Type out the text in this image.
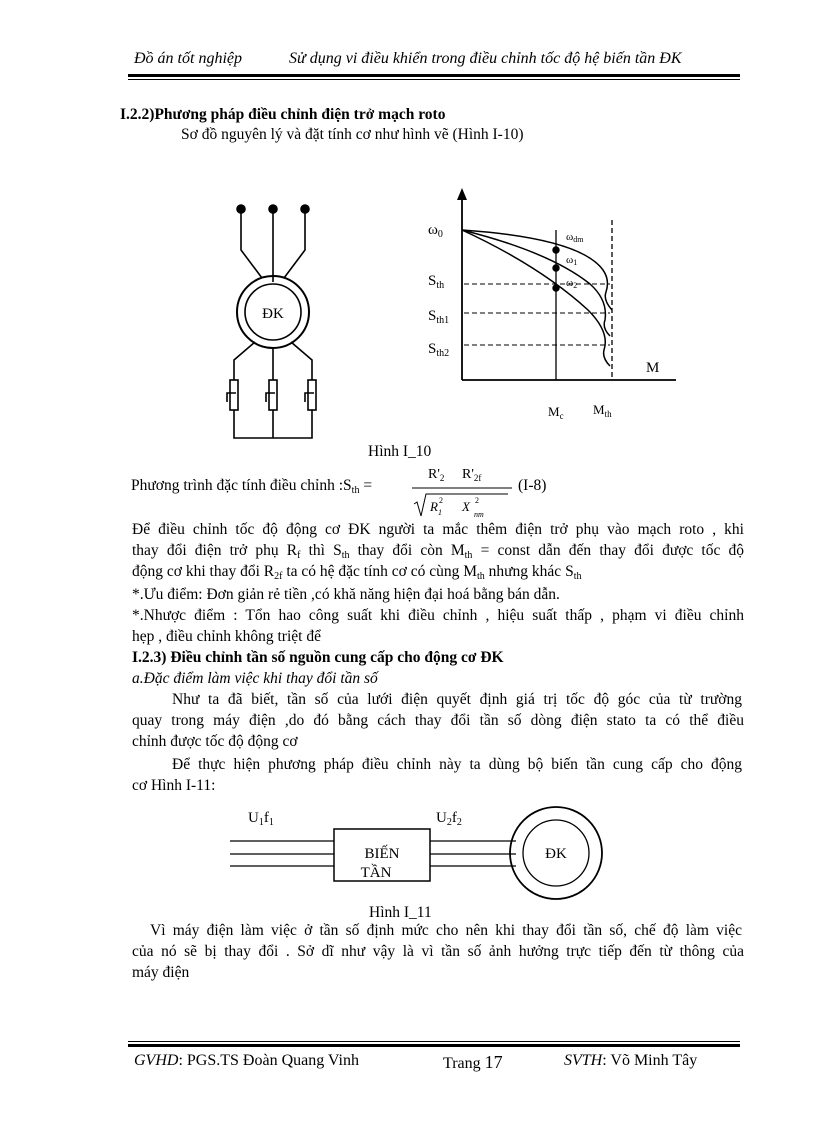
Đồ án tốt nghiệp	Sử dụng vi điều khiển trong điều chỉnh tốc độ hệ biến tần ĐK
I.2.2)Phương pháp điều chỉnh điện trở mạch roto
Sơ đồ nguyên lý và đặt tính cơ như hình vẽ (Hình I-10)
ĐK
$\omega_0$	ωdm
ω1
ω2
$S_{th}$
$S_{th1}$
$S_{th2}$
M
$M_c$ $M_{th}$
Hình I_10
Phương trình đặc tính điều chỉnh $:S_{th}$ =
$R'_2$ $R'_{2f}$
$R_1$
2 $X_{nm}$
2
(I-8)
Để điều chỉnh tốc độ động cơ ĐK người ta mắc thêm điện trở phụ vào mạch roto , khi
thay đổi điện trở phụ $R_f$ thì $S_{th}$ thay đổi còn $M_{th}$ = const dẫn đến thay đổi được tốc độ
động cơ khi thay đổi $R_{2f}$ ta có hệ đặc tính cơ có cùng $M_{th}$ nhưng khác $S_{th}$
*.Ưu điểm: Đơn giản rẻ tiền ,có khă năng hiện đại hoá bằng bán dẫn.
*.Nhược điểm : Tổn hao công suất khi điều chỉnh , hiệu suất thấp , phạm vi điều chỉnh
hẹp , điều chỉnh không triệt để
I.2.3) Điều chỉnh tần số nguồn cung cấp cho động cơ ĐK
a.Đặc điểm làm việc khi thay đổi tần số
Như ta đã biết, tần số của lưới điện quyết định giá trị tốc độ góc của từ trường
quay trong máy điện ,do đó bằng cách thay đổi tần số dòng điện stato ta có thể điều
chỉnh được tốc độ động cơ
Để thực hiện phương pháp điều chỉnh này ta dùng bộ biến tần cung cấp cho động
cơ Hình I-11:
$U_1f_1$	$U_2f_2$
BIẾN
TẦN
ĐK
Hình I_11
Vì máy điện làm việc ở tần số định mức cho nên khi thay đổi tần số, chế độ làm việc
của nó sẽ bị thay đổi . Sở dĩ như vậy là vì tần số ảnh hưởng trực tiếp đến từ thông của
máy điện
GVHD: PGS.TS Đoàn Quang Vinh	Trang 17	SVTH: Võ Minh Tây
